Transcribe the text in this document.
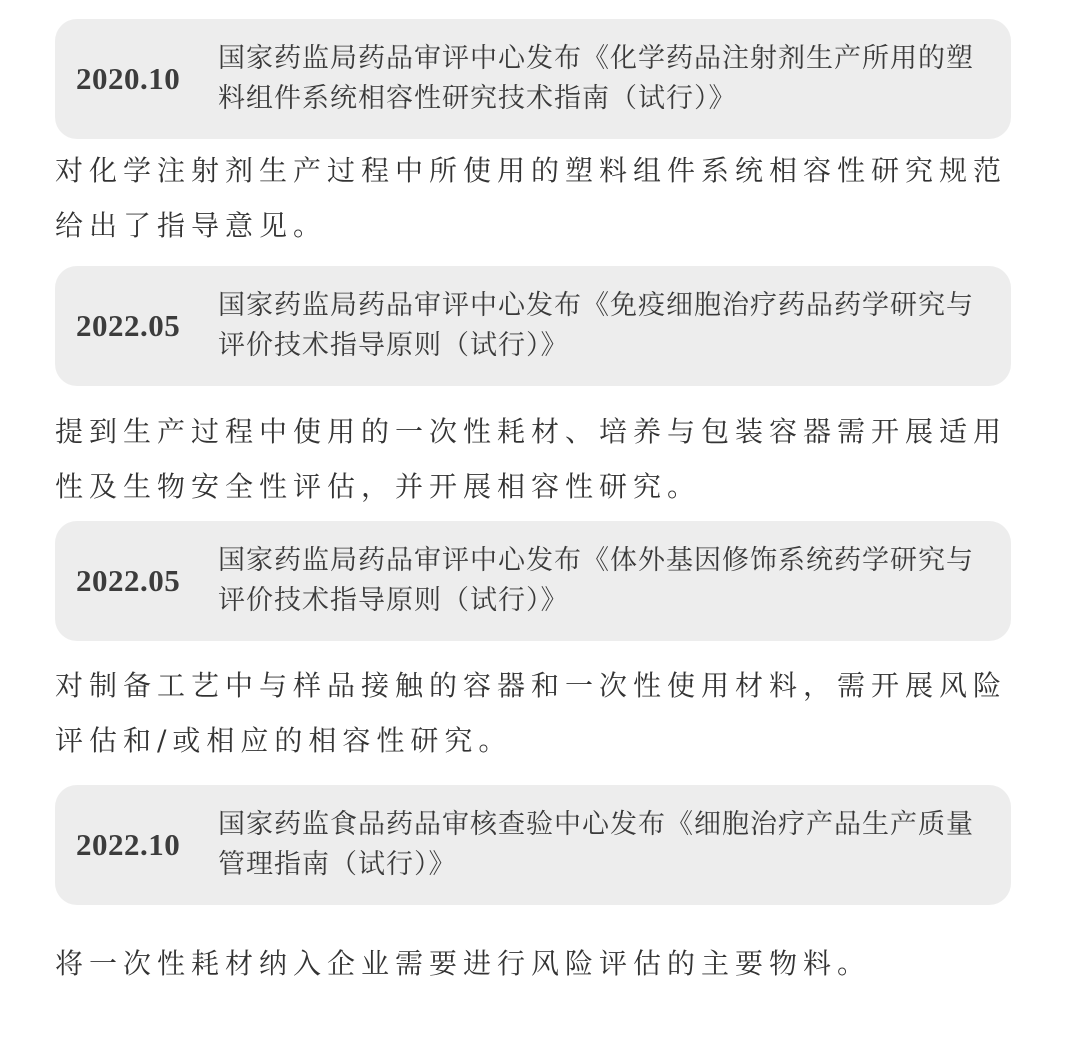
2020.10
国家药监局药品审评中心发布《化学药品注射剂生产所用的塑料组件系统相容性研究技术指南（试行）》
对化学注射剂生产过程中所使用的塑料组件系统相容性研究规范给出了指导意见。
2022.05
国家药监局药品审评中心发布《免疫细胞治疗药品药学研究与评价技术指导原则（试行）》
提到生产过程中使用的一次性耗材、培养与包装容器需开展适用性及生物安全性评估，并开展相容性研究。
2022.05
国家药监局药品审评中心发布《体外基因修饰系统药学研究与评价技术指导原则（试行）》
对制备工艺中与样品接触的容器和一次性使用材料，需开展风险评估和/或相应的相容性研究。
2022.10
国家药监食品药品审核查验中心发布《细胞治疗产品生产质量管理指南（试行）》
将一次性耗材纳入企业需要进行风险评估的主要物料。
